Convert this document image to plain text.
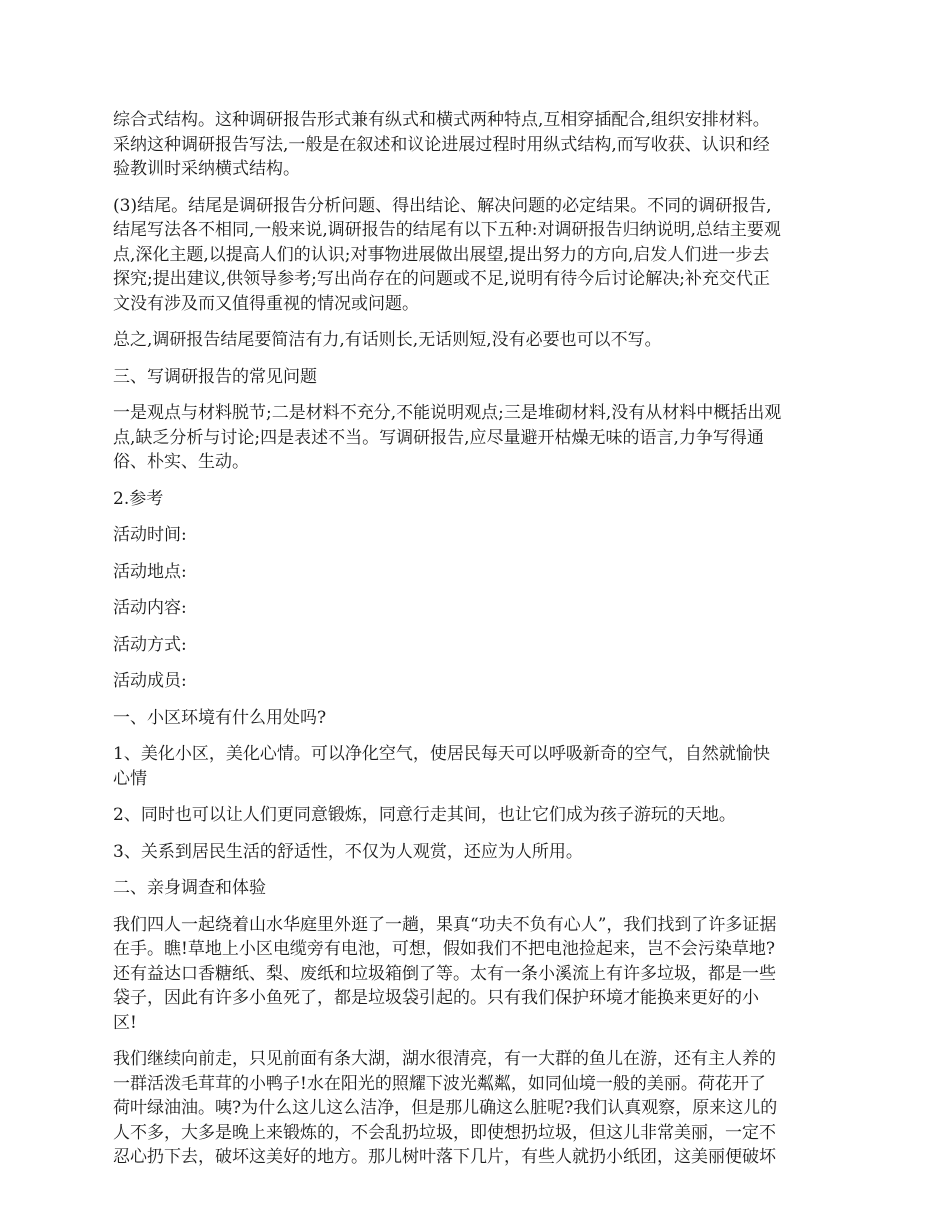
综合式结构。这种调研报告形式兼有纵式和横式两种特点,互相穿插配合,组织安排材料。
采纳这种调研报告写法,一般是在叙述和议论进展过程时用纵式结构,而写收获、认识和经
验教训时采纳横式结构。
(3)结尾。结尾是调研报告分析问题、得出结论、解决问题的必定结果。不同的调研报告,
结尾写法各不相同,一般来说,调研报告的结尾有以下五种:对调研报告归纳说明,总结主要观
点,深化主题,以提高人们的认识;对事物进展做出展望,提出努力的方向,启发人们进一步去
探究;提出建议,供领导参考;写出尚存在的问题或不足,说明有待今后讨论解决;补充交代正
文没有涉及而又值得重视的情况或问题。
总之,调研报告结尾要简洁有力,有话则长,无话则短,没有必要也可以不写。
三、写调研报告的常见问题
一是观点与材料脱节;二是材料不充分,不能说明观点;三是堆砌材料,没有从材料中概括出观
点,缺乏分析与讨论;四是表述不当。写调研报告,应尽量避开枯燥无味的语言,力争写得通
俗、朴实、生动。
2.参考
活动时间:
活动地点:
活动内容:
活动方式:
活动成员:
一、小区环境有什么用处吗?
1、美化小区，美化心情。可以净化空气，使居民每天可以呼吸新奇的空气，自然就愉快
心情
2、同时也可以让人们更同意锻炼，同意行走其间，也让它们成为孩子游玩的天地。
3、关系到居民生活的舒适性，不仅为人观赏，还应为人所用。
二、亲身调查和体验
我们四人一起绕着山水华庭里外逛了一趟，果真“功夫不负有心人”，我们找到了许多证据
在手。瞧!草地上小区电缆旁有电池，可想，假如我们不把电池捡起来，岂不会污染草地?
还有益达口香糖纸、梨、废纸和垃圾箱倒了等。太有一条小溪流上有许多垃圾，都是一些
袋子，因此有许多小鱼死了，都是垃圾袋引起的。只有我们保护环境才能换来更好的小
区!
我们继续向前走，只见前面有条大湖，湖水很清亮，有一大群的鱼儿在游，还有主人养的
一群活泼毛茸茸的小鸭子!水在阳光的照耀下波光粼粼，如同仙境一般的美丽。荷花开了
荷叶绿油油。咦?为什么这儿这么洁净，但是那儿确这么脏呢?我们认真观察，原来这儿的
人不多，大多是晚上来锻炼的，不会乱扔垃圾，即使想扔垃圾，但这儿非常美丽，一定不
忍心扔下去，破坏这美好的地方。那儿树叶落下几片，有些人就扔小纸团，这美丽便破坏
